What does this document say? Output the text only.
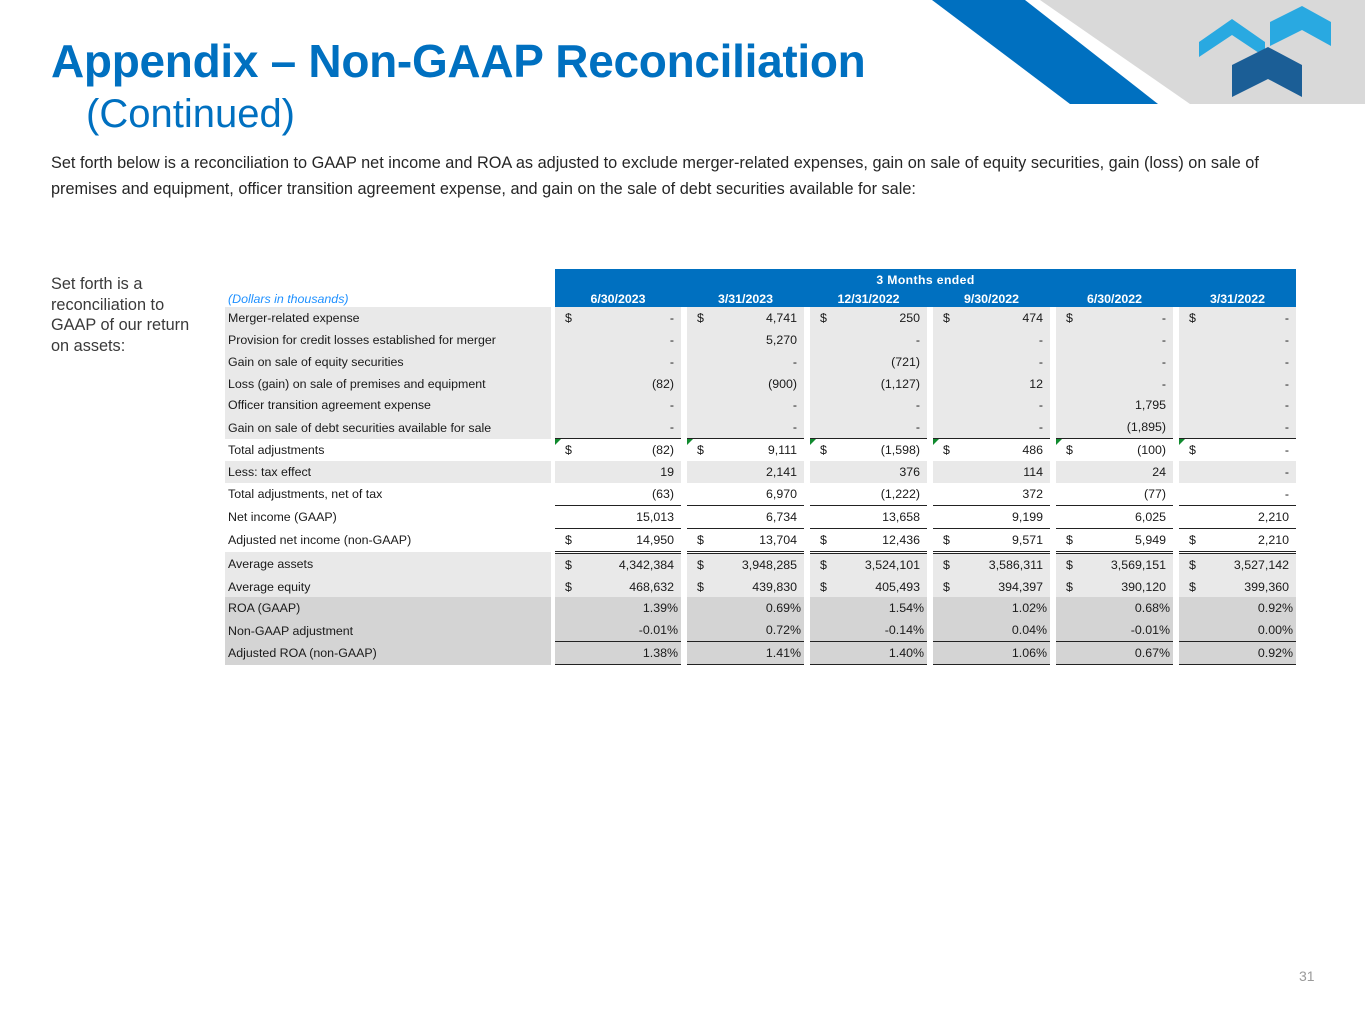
Appendix – Non-GAAP Reconciliation
(Continued)
Set forth below is a reconciliation to GAAP net income and ROA as adjusted to exclude merger-related expenses, gain on sale of equity securities, gain (loss) on sale of premises and equipment, officer transition agreement expense, and gain on the sale of debt securities available for sale:
Set forth is a reconciliation to GAAP of our return on assets:
		3 Months ended																
(Dollars in thousands)		6/30/2023			3/31/2023			12/31/2022			9/30/2022			6/30/2022			3/31/2022	
Merger-related expense		$	-		$	4,741		$	250		$	474		$	-		$	-
Provision for credit losses established for merger			-			5,270			-			-			-			-
Gain on sale of equity securities			-			-			(721)			-			-			-
Loss (gain) on sale of premises and equipment			(82)			(900)			(1,127)			12			-			-
Officer transition agreement expense			-			-			-			-			1,795			-
Gain on sale of debt securities available for sale			-			-			-			-			(1,895)			-
Total adjustments		$	(82)		$	9,111		$	(1,598)		$	486		$	(100)		$	-
Less: tax effect			19			2,141			376			114			24			-
Total adjustments, net of tax			(63)			6,970			(1,222)			372			(77)			-
Net income (GAAP)			15,013			6,734			13,658			9,199			6,025			2,210
Adjusted net income (non-GAAP)		$	14,950		$	13,704		$	12,436		$	9,571		$	5,949		$	2,210
Average assets		$	4,342,384		$	3,948,285		$	3,524,101		$	3,586,311		$	3,569,151		$	3,527,142
Average equity		$	468,632		$	439,830		$	405,493		$	394,397		$	390,120		$	399,360
ROA (GAAP)			1.39%			0.69%			1.54%			1.02%			0.68%			0.92%
Non-GAAP adjustment			-0.01%			0.72%			-0.14%			0.04%			-0.01%			0.00%
Adjusted ROA (non-GAAP)			1.38%			1.41%			1.40%			1.06%			0.67%			0.92%
31
